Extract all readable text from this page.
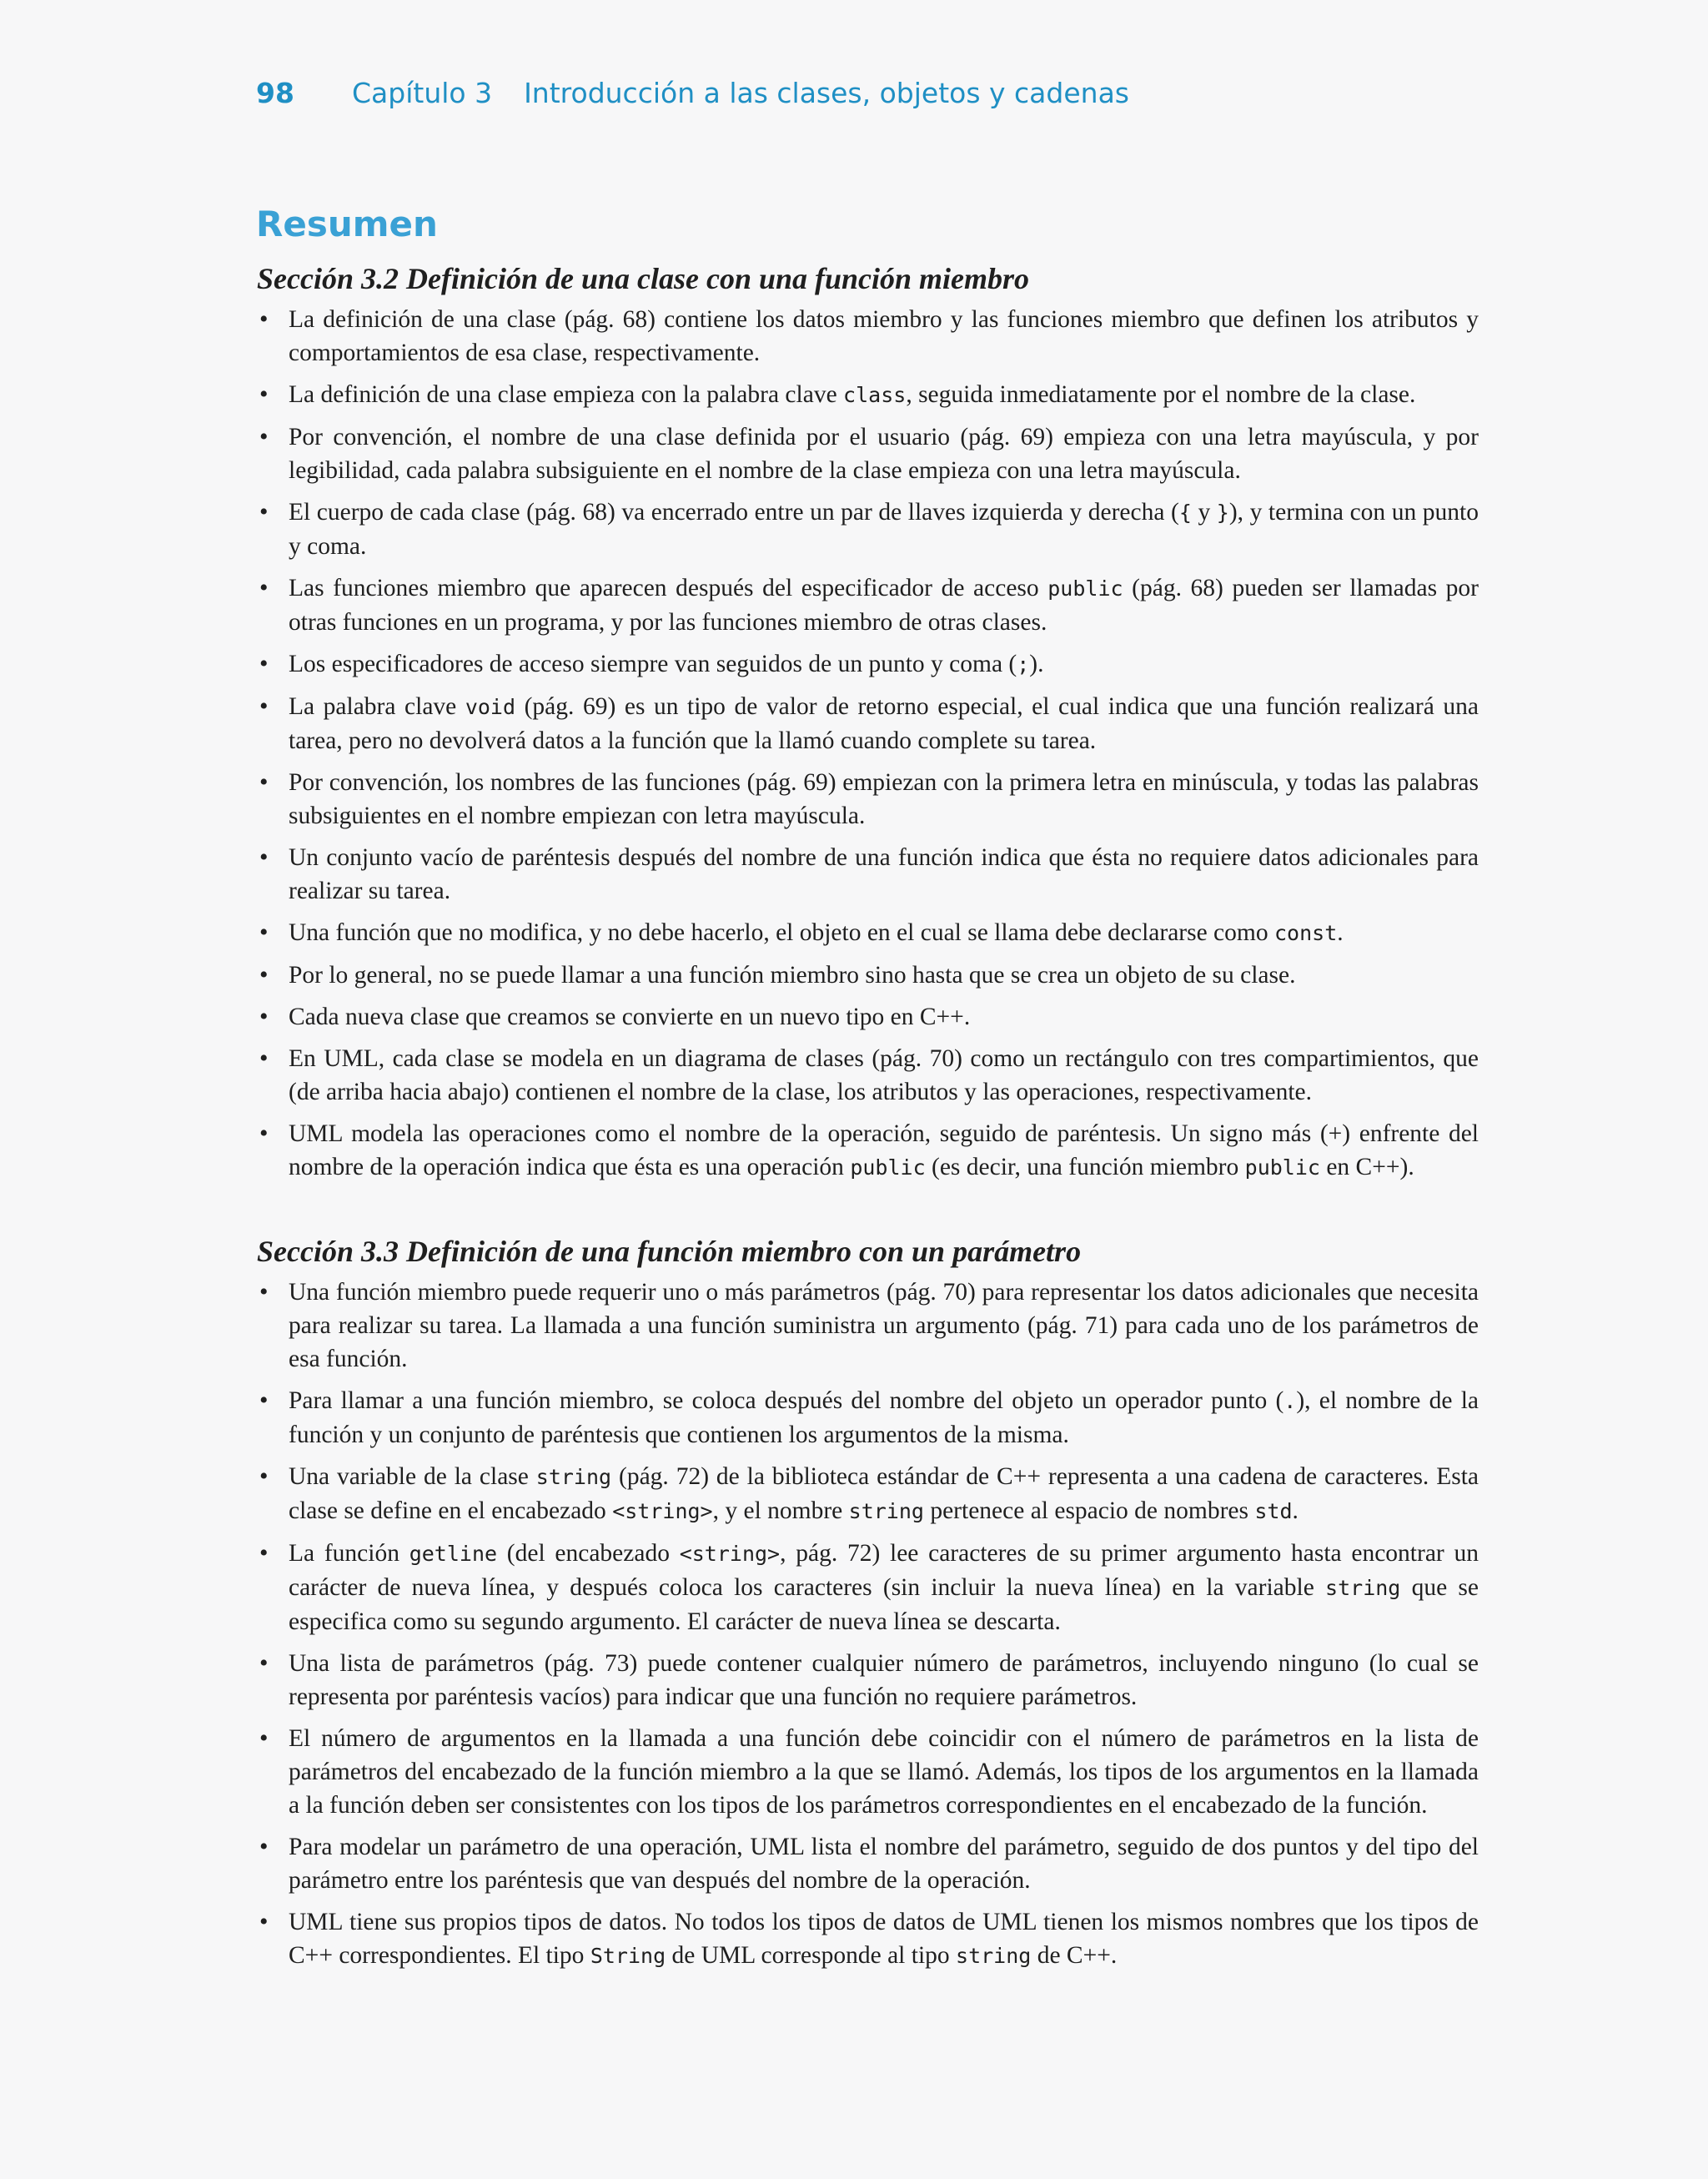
98	Capítulo 3 Introducción a las clases, objetos y cadenas
Resumen
Sección 3.2 Definición de una clase con una función miembro
• La definición de una clase (pág. 68) contiene los datos miembro y las funciones miembro que definen los atributos y comportamientos de esa clase, respectivamente.
• La definición de una clase empieza con la palabra clave class, seguida inmediatamente por el nombre de la clase.
• Por convención, el nombre de una clase definida por el usuario (pág. 69) empieza con una letra mayúscula, y por legibilidad, cada palabra subsiguiente en el nombre de la clase empieza con una letra mayúscula.
• El cuerpo de cada clase (pág. 68) va encerrado entre un par de llaves izquierda y derecha ({ y }), y termina con un punto y coma.
• Las funciones miembro que aparecen después del especificador de acceso public (pág. 68) pueden ser llamadas por otras funciones en un programa, y por las funciones miembro de otras clases.
• Los especificadores de acceso siempre van seguidos de un punto y coma (;).
• La palabra clave void (pág. 69) es un tipo de valor de retorno especial, el cual indica que una función realizará una tarea, pero no devolverá datos a la función que la llamó cuando complete su tarea.
• Por convención, los nombres de las funciones (pág. 69) empiezan con la primera letra en minúscula, y todas las palabras subsiguientes en el nombre empiezan con letra mayúscula.
• Un conjunto vacío de paréntesis después del nombre de una función indica que ésta no requiere datos adicionales para realizar su tarea.
• Una función que no modifica, y no debe hacerlo, el objeto en el cual se llama debe declararse como const.
• Por lo general, no se puede llamar a una función miembro sino hasta que se crea un objeto de su clase.
• Cada nueva clase que creamos se convierte en un nuevo tipo en C++.
• En UML, cada clase se modela en un diagrama de clases (pág. 70) como un rectángulo con tres compartimientos, que (de arriba hacia abajo) contienen el nombre de la clase, los atributos y las operaciones, respectivamente.
• UML modela las operaciones como el nombre de la operación, seguido de paréntesis. Un signo más (+) enfrente del nombre de la operación indica que ésta es una operación public (es decir, una función miembro public en C++).
Sección 3.3 Definición de una función miembro con un parámetro
• Una función miembro puede requerir uno o más parámetros (pág. 70) para representar los datos adicionales que necesita para realizar su tarea. La llamada a una función suministra un argumento (pág. 71) para cada uno de los parámetros de esa función.
• Para llamar a una función miembro, se coloca después del nombre del objeto un operador punto (.), el nombre de la función y un conjunto de paréntesis que contienen los argumentos de la misma.
• Una variable de la clase string (pág. 72) de la biblioteca estándar de C++ representa a una cadena de caracteres. Esta clase se define en el encabezado <string>, y el nombre string pertenece al espacio de nombres std.
• La función getline (del encabezado <string>, pág. 72) lee caracteres de su primer argumento hasta encontrar un carácter de nueva línea, y después coloca los caracteres (sin incluir la nueva línea) en la variable string que se especifica como su segundo argumento. El carácter de nueva línea se descarta.
• Una lista de parámetros (pág. 73) puede contener cualquier número de parámetros, incluyendo ninguno (lo cual se representa por paréntesis vacíos) para indicar que una función no requiere parámetros.
• El número de argumentos en la llamada a una función debe coincidir con el número de parámetros en la lista de parámetros del encabezado de la función miembro a la que se llamó. Además, los tipos de los argumentos en la llamada a la función deben ser consistentes con los tipos de los parámetros correspondientes en el encabezado de la función.
• Para modelar un parámetro de una operación, UML lista el nombre del parámetro, seguido de dos puntos y del tipo del parámetro entre los paréntesis que van después del nombre de la operación.
• UML tiene sus propios tipos de datos. No todos los tipos de datos de UML tienen los mismos nombres que los tipos de C++ correspondientes. El tipo String de UML corresponde al tipo string de C++.
